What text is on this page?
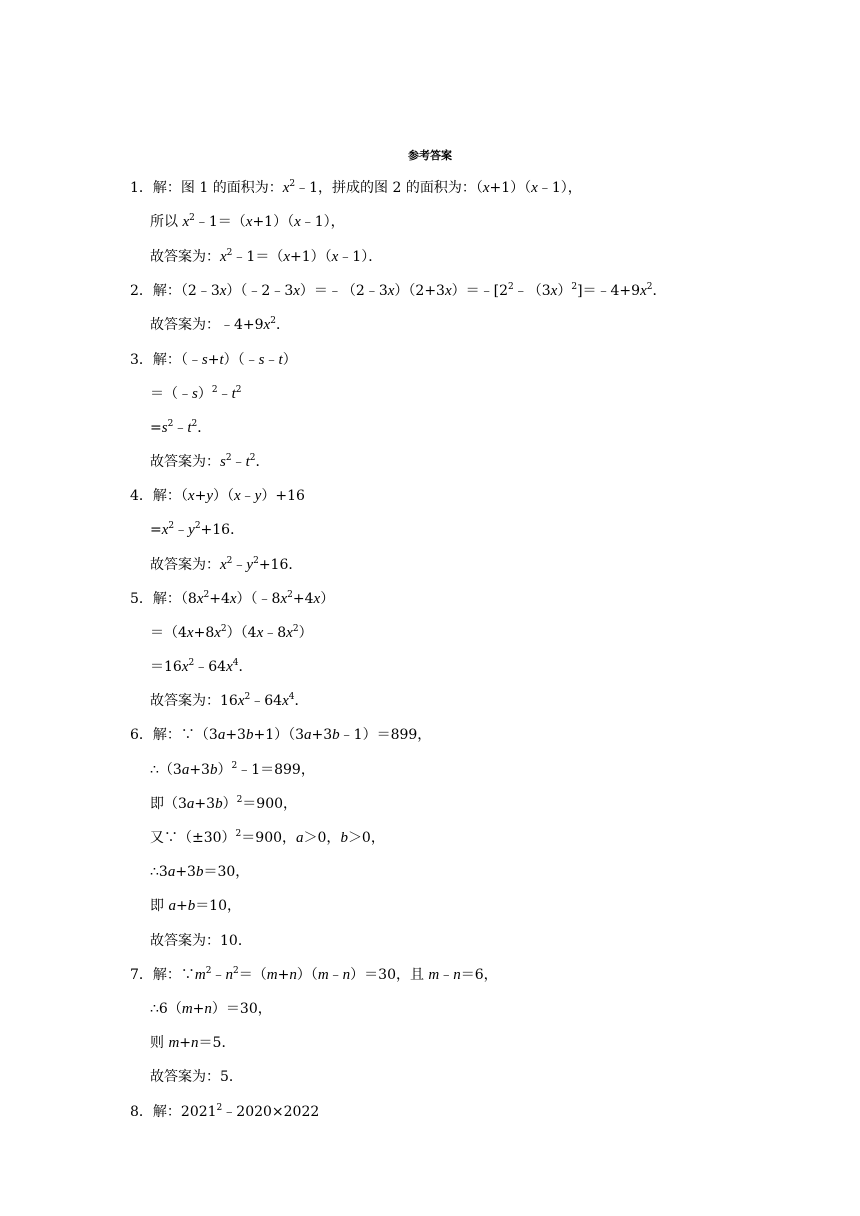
参考答案
1．解：图 1 的面积为：$x^2﹣1$，拼成的图 2 的面积为：（x+1）（x﹣1），
所以 $x^2﹣1=(x+1)(x﹣1)$，
故答案为：$x^2﹣1=(x+1)(x﹣1)$．
2．解：$(2﹣3x)(﹣2﹣3x)=﹣(2﹣3x)(2+3x)=﹣[2^2﹣(3x)^2]=﹣4+9x^2$．
故答案为：$﹣4+9x^2$．
3．解：（﹣s+t）（﹣s﹣t）
$=(﹣s)^2﹣t^2$
$=s^2﹣t^2$．
故答案为：$s^2﹣t^2$．
4．解：（x+y）（x﹣y）+16
$=x^2﹣y^2+16$．
故答案为：$x^2﹣y^2+16$．
5．解：$(8x^2+4x)(﹣8x^2+4x)$
$=(4x+8x^2)(4x﹣8x^2)$
$=16x^2﹣64x^4$．
故答案为：$16x^2﹣64x^4$．
6．解：∵（3a+3b+1）（3a+3b﹣1）＝899，
$\therefore(3a+3b)^2﹣1=899$，
即$(3a+3b)^2=900$，
又$\because(\pm 30)^2=900$，a＞0，b＞0，
∴3a+3b＝30，
即 a+b＝10，
故答案为：10．
7．解：$\because m^2﹣n^2=(m+n)(m﹣n)=30$，且 m﹣n＝6，
∴6（m+n）＝30，
则 m+n＝5．
故答案为：5．
8．解：$2021^2﹣2020\times 2022$
